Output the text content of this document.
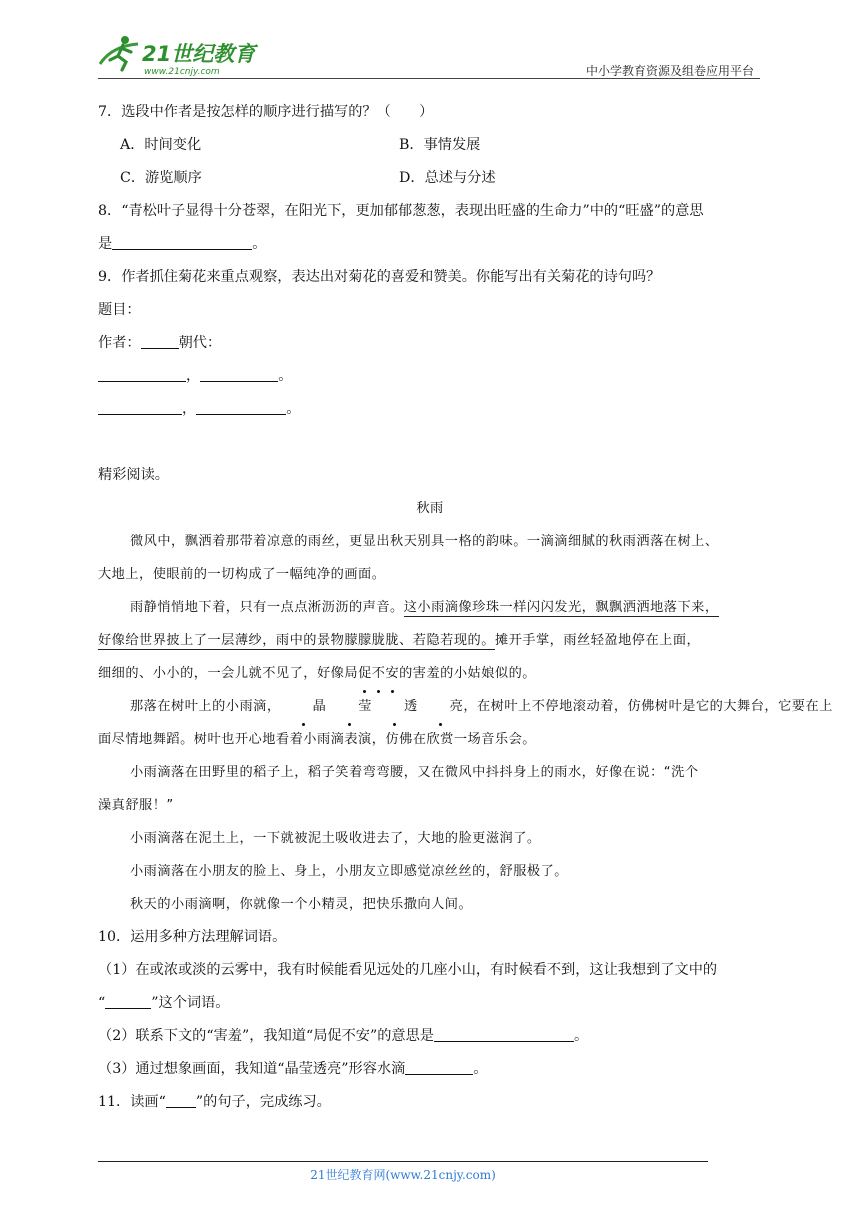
21世纪教育
www.21cnjy.com	中小学教育资源及组卷应用平台
7．选段中作者是按怎样的顺序进行描写的？（　　）
A．时间变化	B．事情发展
C．游览顺序	D．总述与分述
8．“青松叶子显得十分苍翠，在阳光下，更加郁郁葱葱，表现出旺盛的生命力”中的“旺盛”的意思
是	。
9．作者抓住菊花来重点观察，表达出对菊花的喜爱和赞美。你能写出有关菊花的诗句吗？
题目：
作者：	朝代：
，	。
，	。
精彩阅读。
秋雨
微风中，飘洒着那带着凉意的雨丝，更显出秋天别具一格的韵味。一滴滴细腻的秋雨洒落在树上、
大地上，使眼前的一切构成了一幅纯净的画面。
雨静悄悄地下着，只有一点点淅沥沥的声音。这小雨滴像珍珠一样闪闪发光，飘飘洒洒地落下来，
好像给世界披上了一层薄纱，雨中的景物朦朦胧胧、若隐若现的。摊开手掌，雨丝轻盈地停在上面，
细细的、小小的，一会儿就不见了，好像局促不安的害羞的小姑娘似的。
那落在树叶上的小雨滴， 晶 莹 透 亮，在树叶上不停地滚动着，仿佛树叶是它的大舞台，它要在上
面尽情地舞蹈。树叶也开心地看着小雨滴表演，仿佛在欣赏一场音乐会。
小雨滴落在田野里的稻子上，稻子笑着弯弯腰，又在微风中抖抖身上的雨水，好像在说：“洗个
澡真舒服！”
小雨滴落在泥土上，一下就被泥土吸收进去了，大地的脸更滋润了。
小雨滴落在小朋友的脸上、身上，小朋友立即感觉凉丝丝的，舒服极了。
秋天的小雨滴啊，你就像一个小精灵，把快乐撒向人间。
10．运用多种方法理解词语。
（1）在或浓或淡的云雾中，我有时候能看见远处的几座小山，有时候看不到，这让我想到了文中的
“	”这个词语。
（2）联系下文的“害羞”，我知道“局促不安”的意思是	。
（3）通过想象画面，我知道“晶莹透亮”形容水滴	。
11．读画“ ”的句子，完成练习。
21世纪教育网(www.21cnjy.com)
